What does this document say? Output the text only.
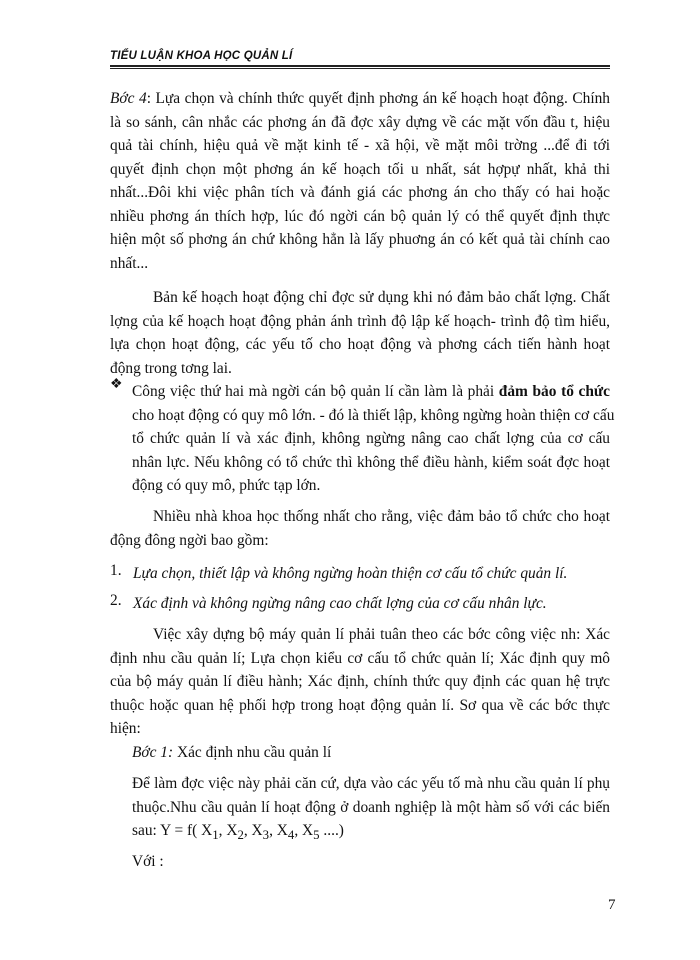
TIỂU LUẬN KHOA HỌC QUẢN LÍ
Bớc 4: Lựa chọn và chính thức quyết định phơng án kế hoạch hoạt động. Chính
là so sánh, cân nhắc các phơng án đã đợc xây dựng về các mặt vốn đầu t, hiệu
quả tài chính, hiệu quả về mặt kinh tế - xã hội, về mặt môi trờng ...để đi tới
quyết định chọn một phơng án kế hoạch tối u nhất, sát hợpự nhất, khả thi
nhất...Đôi khi việc phân tích và đánh giá các phơng án cho thấy có hai hoặc
nhiều phơng án thích hợp, lúc đó ngời cán bộ quản lý có thể quyết định thực
hiện một số phơng án chứ không hẳn là lấy phuơng án có kết quả tài chính cao
nhất...
Bản kế hoạch hoạt động chỉ đợc sử dụng khi nó đảm bảo chất lợng. Chất
lợng của kế hoạch hoạt động phản ánh trình độ lập kế hoạch- trình độ tìm hiểu,
lựa chọn hoạt động, các yếu tố cho hoạt động và phơng cách tiến hành hoạt
động trong tơng lai.
❖ Công việc thứ hai mà ngời cán bộ quản lí cần làm là phải đảm bảo tổ chức
cho hoạt động có quy mô lớn. - đó là thiết lập, không ngừng hoàn thiện cơ cấu
tổ chức quản lí và xác định, không ngừng nâng cao chất lợng của cơ cấu
nhân lực. Nếu không có tổ chức thì không thể điều hành, kiểm soát đợc hoạt
động có quy mô, phức tạp lớn.
Nhiều nhà khoa học thống nhất cho rằng, việc đảm bảo tổ chức cho hoạt
động đông ngời bao gồm:
1. Lựa chọn, thiết lập và không ngừng hoàn thiện cơ cấu tổ chức quản lí.
2. Xác định và không ngừng nâng cao chất lợng của cơ cấu nhân lực.
Việc xây dựng bộ máy quản lí phải tuân theo các bớc công việc nh: Xác
định nhu cầu quản lí; Lựa chọn kiểu cơ cấu tổ chức quản lí; Xác định quy mô
của bộ máy quản lí điều hành; Xác định, chính thức quy định các quan hệ trực
thuộc hoặc quan hệ phối hợp trong hoạt động quản lí. Sơ qua về các bớc thực
hiện:
Bớc 1: Xác định nhu cầu quản lí
Để làm đợc việc này phải căn cứ, dựa vào các yếu tố mà nhu cầu quản lí phụ
thuộc.Nhu cầu quản lí hoạt động ở doanh nghiệp là một hàm số với các biến
sau: Y = f( $X_1$, $X_2$, $X_3$, $X_4$, $X_5$ ....)
Với :
7
